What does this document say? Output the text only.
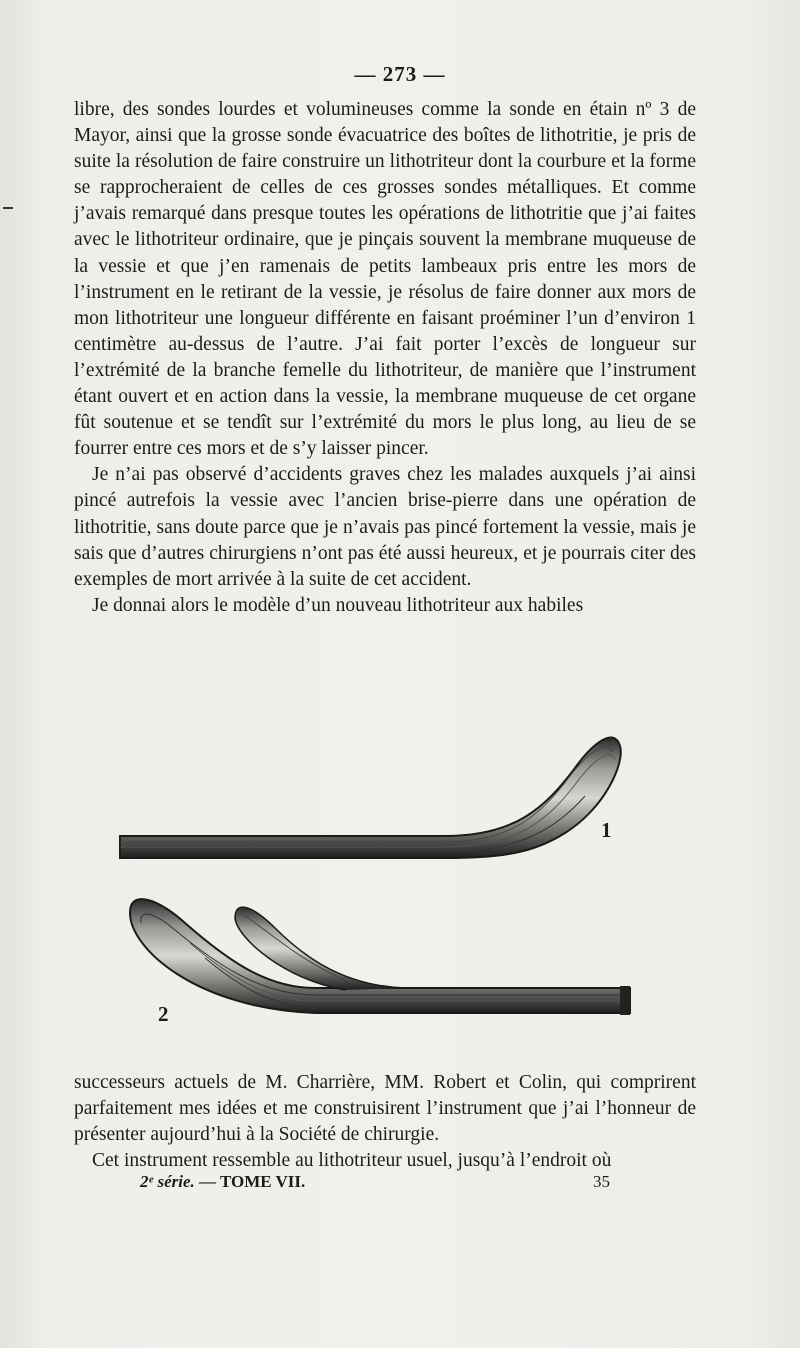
— 273 —

libre, des sondes lourdes et volumineuses comme la sonde en étain nº 3 de Mayor, ainsi que la grosse sonde évacuatrice des boîtes de lithotritie, je pris de suite la résolution de faire construire un lithotriteur dont la courbure et la forme se rapprocheraient de celles de ces grosses sondes métalliques. Et comme j’avais remarqué dans presque toutes les opérations de lithotritie que j’ai faites avec le lithotriteur ordinaire, que je pinçais souvent la membrane muqueuse de la vessie et que j’en ramenais de petits lambeaux pris entre les mors de l’instrument en le retirant de la vessie, je résolus de faire donner aux mors de mon lithotriteur une longueur différente en faisant proéminer l’un d’environ 1 centimètre au-dessus de l’autre. J’ai fait porter l’excès de longueur sur l’extrémité de la branche femelle du lithotriteur, de manière que l’instrument étant ouvert et en action dans la vessie, la membrane muqueuse de cet organe fût soutenue et se tendît sur l’extrémité du mors le plus long, au lieu de se fourrer entre ces mors et de s’y laisser pincer.

Je n’ai pas observé d’accidents graves chez les malades auxquels j’ai ainsi pincé autrefois la vessie avec l’ancien brise-pierre dans une opération de lithotritie, sans doute parce que je n’avais pas pincé fortement la vessie, mais je sais que d’autres chirurgiens n’ont pas été aussi heureux, et je pourrais citer des exemples de mort arrivée à la suite de cet accident.

Je donnai alors le modèle d’un nouveau lithotriteur aux habiles

1
2

successeurs actuels de M. Charrière, MM. Robert et Colin, qui comprirent parfaitement mes idées et me construisirent l’instrument que j’ai l’honneur de présenter aujourd’hui à la Société de chirurgie.

Cet instrument ressemble au lithotriteur usuel, jusqu’à l’endroit où

2ᵉ série. — TOME VII.	35
